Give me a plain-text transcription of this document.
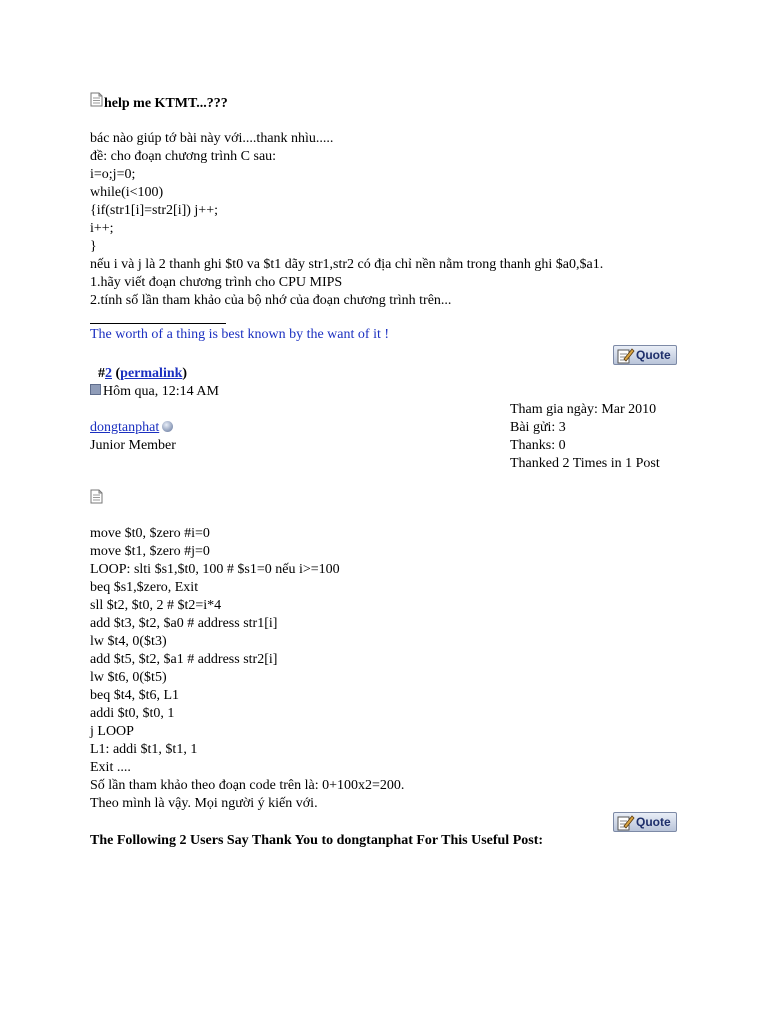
help me KTMT...???
bác nào giúp tớ bài này với....thank nhìu.....
đề: cho đoạn chương trình C sau:
i=o;j=0;
while(i<100)
{if(str1[i]=str2[i]) j++;
i++;
}
nếu i và j là 2 thanh ghi $t0 va $t1 dãy str1,str2 có địa chỉ nền nằm trong thanh ghi $a0,$a1.
1.hãy viết đoạn chương trình cho CPU MIPS
2.tính số lần tham khảo của bộ nhớ của đoạn chương trình trên...
The worth of a thing is best known by the want of it !
Quote
#2 (permalink)
Hôm qua, 12:14 AM
dongtanphat
Junior Member
Tham gia ngày: Mar 2010
Bài gửi: 3
Thanks: 0
Thanked 2 Times in 1 Post
move $t0, $zero #i=0
move $t1, $zero #j=0
LOOP: slti $s1,$t0, 100 # $s1=0 nếu i>=100
beq $s1,$zero, Exit
sll $t2, $t0, 2 # $t2=i*4
add $t3, $t2, $a0 # address str1[i]
lw $t4, 0($t3)
add $t5, $t2, $a1 # address str2[i]
lw $t6, 0($t5)
beq $t4, $t6, L1
addi $t0, $t0, 1
j LOOP
L1: addi $t1, $t1, 1
Exit ....
Số lần tham khảo theo đoạn code trên là: 0+100x2=200.
Theo mình là vậy. Mọi người ý kiến với.
Quote
The Following 2 Users Say Thank You to dongtanphat For This Useful Post:
